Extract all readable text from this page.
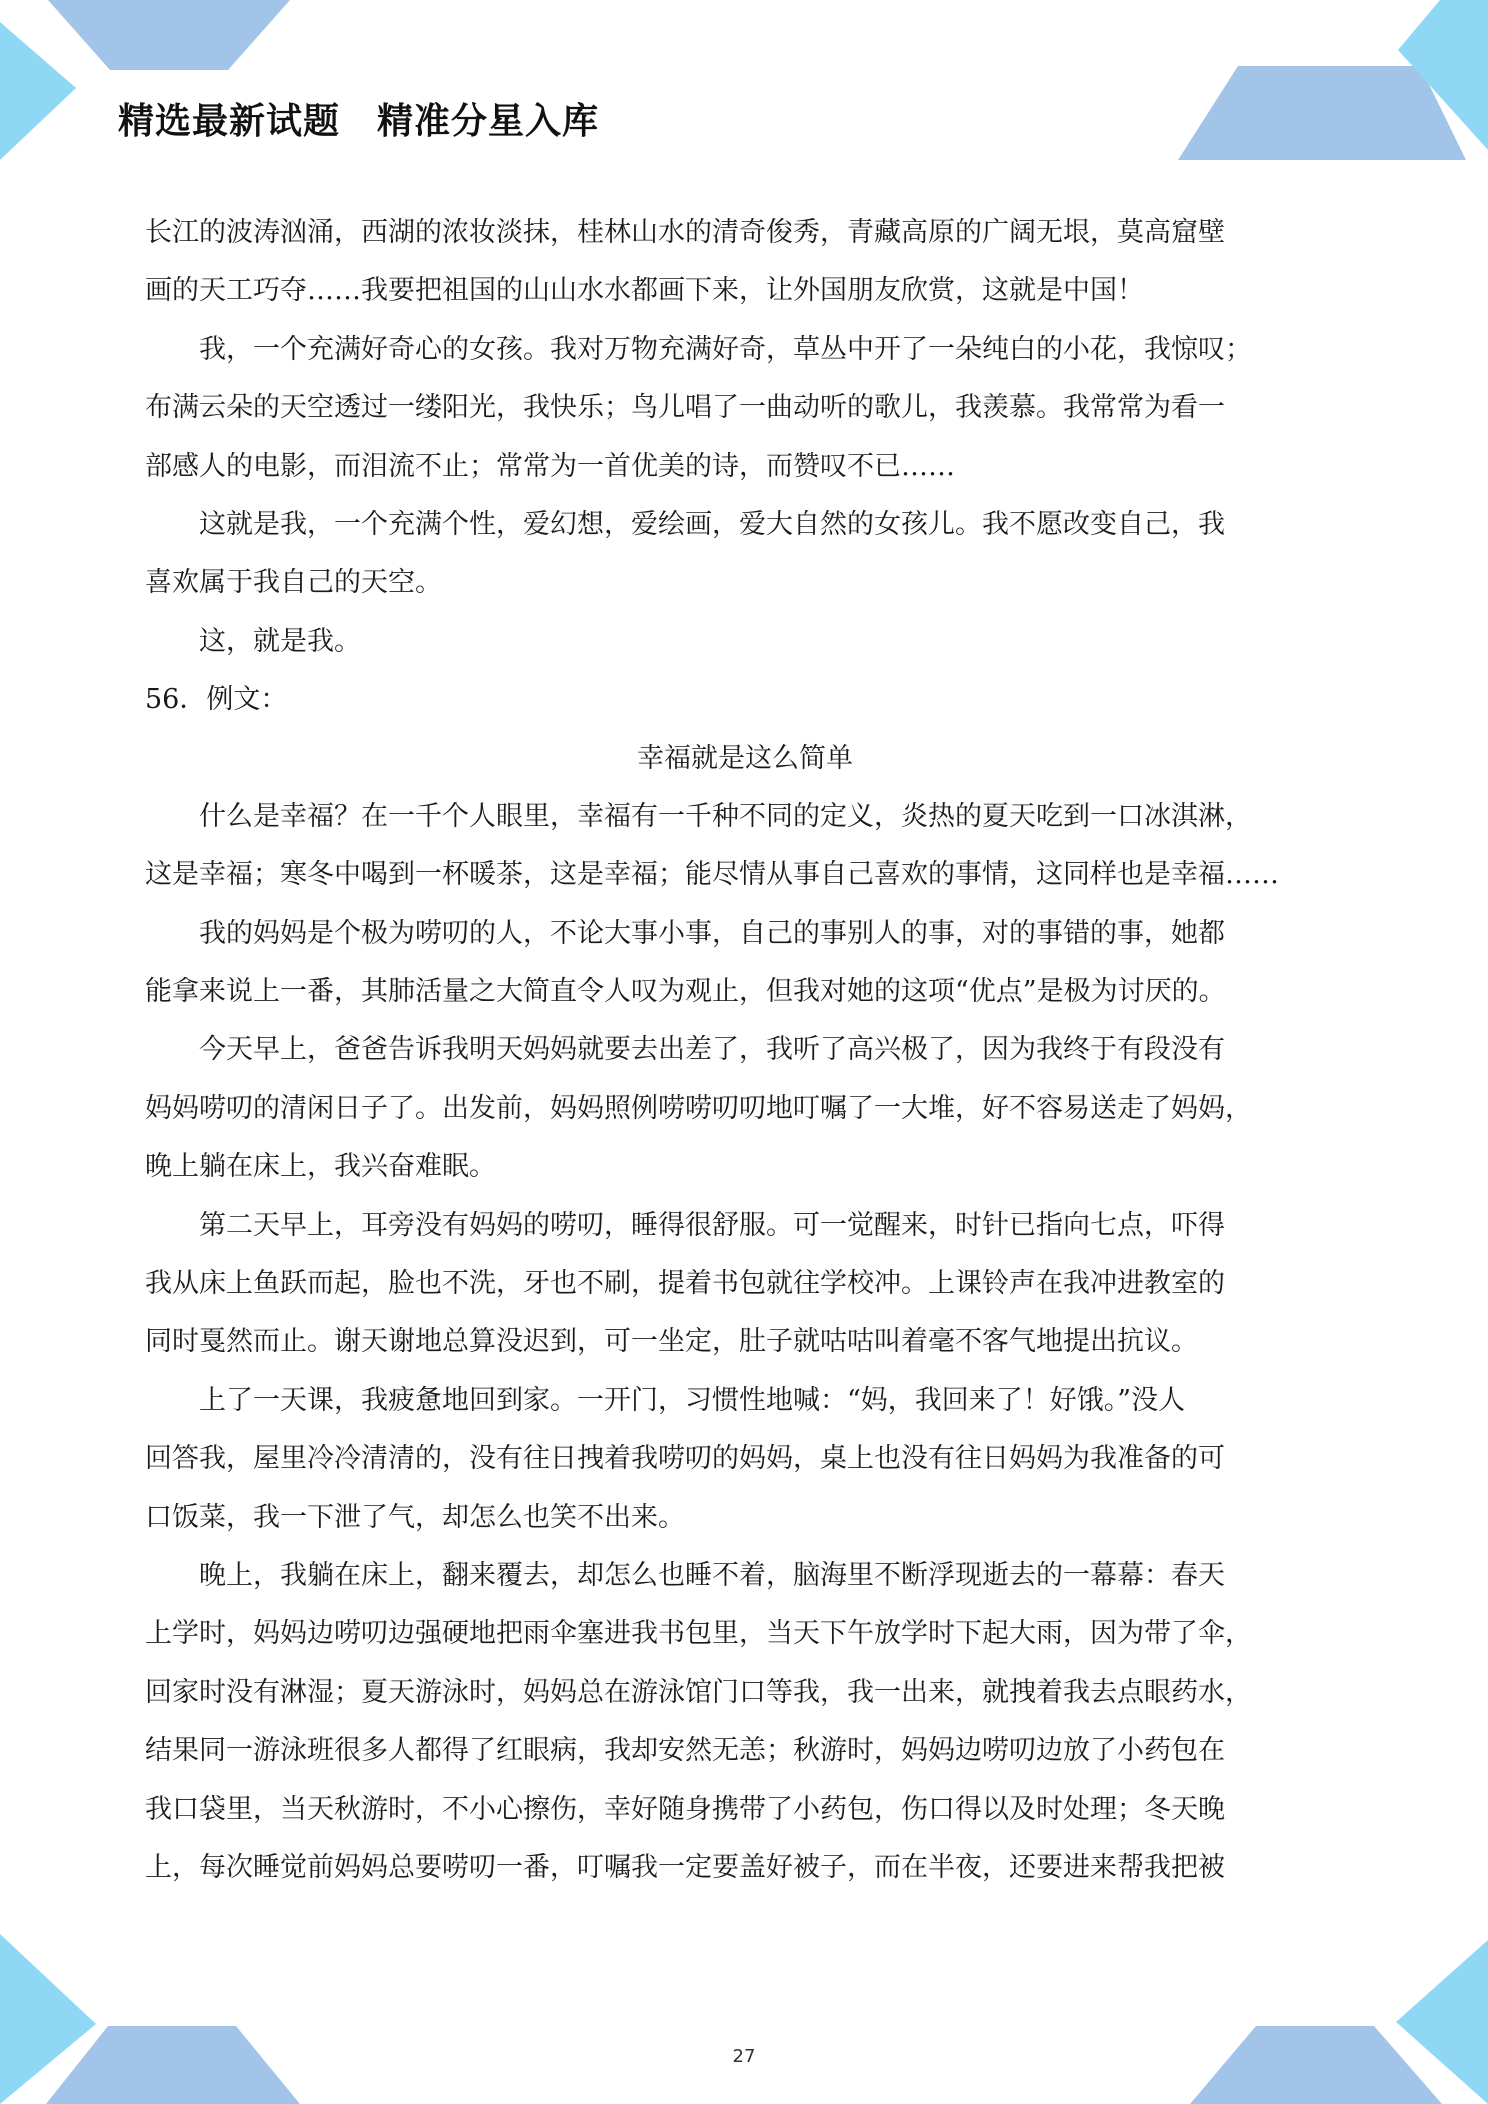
精选最新试题　精准分星入库
长江的波涛汹涌，西湖的浓妆淡抹，桂林山水的清奇俊秀，青藏高原的广阔无垠，莫高窟壁
画的天工巧夺……我要把祖国的山山水水都画下来，让外国朋友欣赏，这就是中国！
我，一个充满好奇心的女孩。我对万物充满好奇，草丛中开了一朵纯白的小花，我惊叹；
布满云朵的天空透过一缕阳光，我快乐；鸟儿唱了一曲动听的歌儿，我羡慕。我常常为看一
部感人的电影，而泪流不止；常常为一首优美的诗，而赞叹不已……
这就是我，一个充满个性，爱幻想，爱绘画，爱大自然的女孩儿。我不愿改变自己，我
喜欢属于我自己的天空。
这，就是我。
56．例文：
幸福就是这么简单
什么是幸福？在一千个人眼里，幸福有一千种不同的定义，炎热的夏天吃到一口冰淇淋，
这是幸福；寒冬中喝到一杯暖茶，这是幸福；能尽情从事自己喜欢的事情，这同样也是幸福……
我的妈妈是个极为唠叨的人，不论大事小事，自己的事别人的事，对的事错的事，她都
能拿来说上一番，其肺活量之大简直令人叹为观止，但我对她的这项“优点”是极为讨厌的。
今天早上，爸爸告诉我明天妈妈就要去出差了，我听了高兴极了，因为我终于有段没有
妈妈唠叨的清闲日子了。出发前，妈妈照例唠唠叨叨地叮嘱了一大堆，好不容易送走了妈妈，
晚上躺在床上，我兴奋难眠。
第二天早上，耳旁没有妈妈的唠叨，睡得很舒服。可一觉醒来，时针已指向七点，吓得
我从床上鱼跃而起，脸也不洗，牙也不刷，提着书包就往学校冲。上课铃声在我冲进教室的
同时戛然而止。谢天谢地总算没迟到，可一坐定，肚子就咕咕叫着毫不客气地提出抗议。
上了一天课，我疲惫地回到家。一开门，习惯性地喊：“妈，我回来了！好饿。”没人
回答我，屋里冷冷清清的，没有往日拽着我唠叨的妈妈，桌上也没有往日妈妈为我准备的可
口饭菜，我一下泄了气，却怎么也笑不出来。
晚上，我躺在床上，翻来覆去，却怎么也睡不着，脑海里不断浮现逝去的一幕幕：春天
上学时，妈妈边唠叨边强硬地把雨伞塞进我书包里，当天下午放学时下起大雨，因为带了伞，
回家时没有淋湿；夏天游泳时，妈妈总在游泳馆门口等我，我一出来，就拽着我去点眼药水，
结果同一游泳班很多人都得了红眼病，我却安然无恙；秋游时，妈妈边唠叨边放了小药包在
我口袋里，当天秋游时，不小心擦伤，幸好随身携带了小药包，伤口得以及时处理；冬天晚
上，每次睡觉前妈妈总要唠叨一番，叮嘱我一定要盖好被子，而在半夜，还要进来帮我把被
27
